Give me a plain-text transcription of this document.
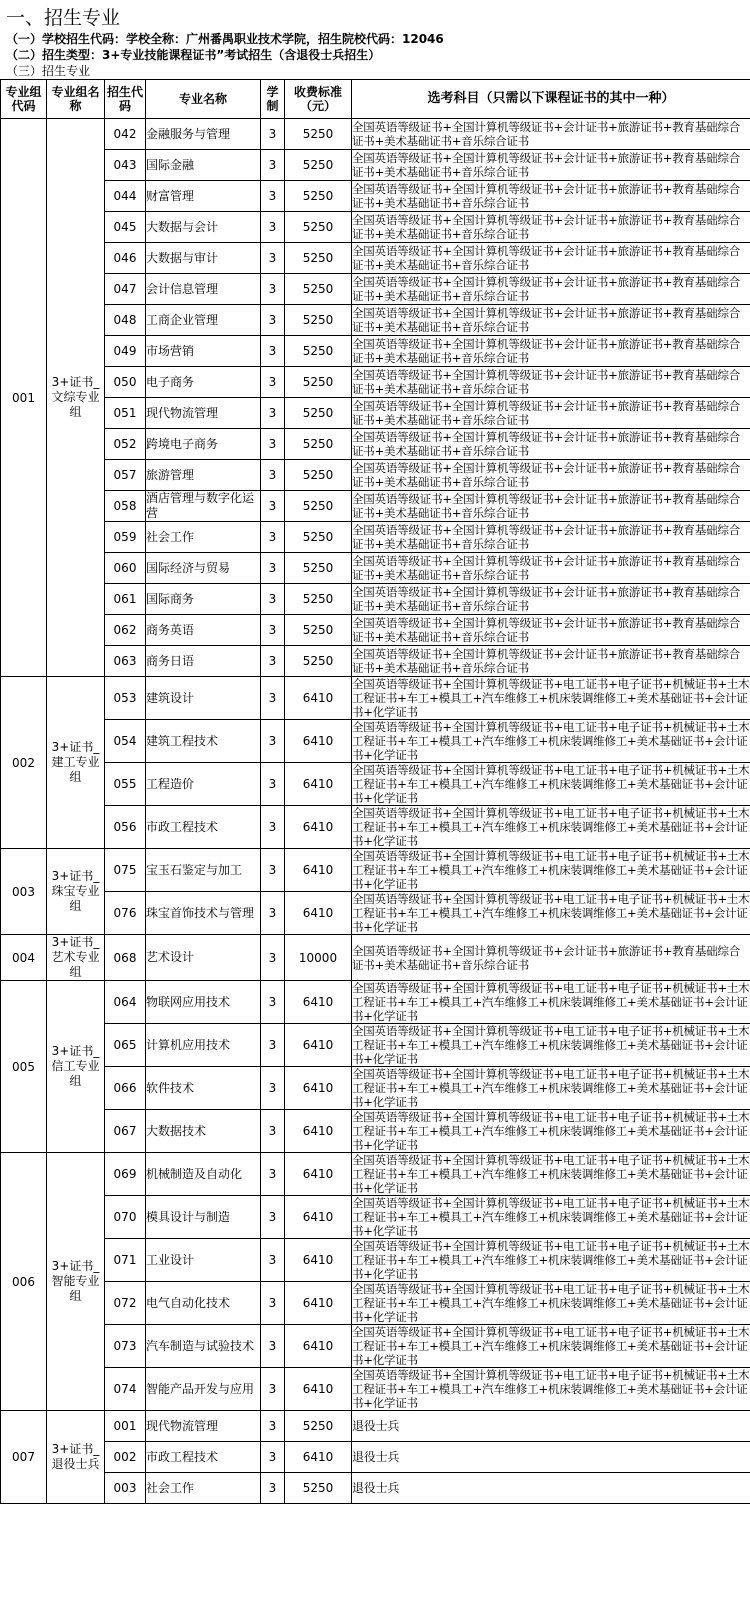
一、招生专业
（一）学校招生代码：学校全称：广州番禺职业技术学院，招生院校代码：12046
（二）招生类型：3+专业技能课程证书”考试招生（含退役士兵招生）
（三）招生专业
专业组代码	专业组名称	招生代码	专业名称	学制	收费标准（元）	选考科目（只需以下课程证书的其中一种）
001	3+证书_文综专业组	042	金融服务与管理	3	5250	全国英语等级证书+全国计算机等级证书+会计证书+旅游证书+教育基础综合证书+美术基础证书+音乐综合证书
		043	国际金融	3	5250	全国英语等级证书+全国计算机等级证书+会计证书+旅游证书+教育基础综合证书+美术基础证书+音乐综合证书
		044	财富管理	3	5250	全国英语等级证书+全国计算机等级证书+会计证书+旅游证书+教育基础综合证书+美术基础证书+音乐综合证书
		045	大数据与会计	3	5250	全国英语等级证书+全国计算机等级证书+会计证书+旅游证书+教育基础综合证书+美术基础证书+音乐综合证书
		046	大数据与审计	3	5250	全国英语等级证书+全国计算机等级证书+会计证书+旅游证书+教育基础综合证书+美术基础证书+音乐综合证书
		047	会计信息管理	3	5250	全国英语等级证书+全国计算机等级证书+会计证书+旅游证书+教育基础综合证书+美术基础证书+音乐综合证书
		048	工商企业管理	3	5250	全国英语等级证书+全国计算机等级证书+会计证书+旅游证书+教育基础综合证书+美术基础证书+音乐综合证书
		049	市场营销	3	5250	全国英语等级证书+全国计算机等级证书+会计证书+旅游证书+教育基础综合证书+美术基础证书+音乐综合证书
		050	电子商务	3	5250	全国英语等级证书+全国计算机等级证书+会计证书+旅游证书+教育基础综合证书+美术基础证书+音乐综合证书
		051	现代物流管理	3	5250	全国英语等级证书+全国计算机等级证书+会计证书+旅游证书+教育基础综合证书+美术基础证书+音乐综合证书
		052	跨境电子商务	3	5250	全国英语等级证书+全国计算机等级证书+会计证书+旅游证书+教育基础综合证书+美术基础证书+音乐综合证书
		057	旅游管理	3	5250	全国英语等级证书+全国计算机等级证书+会计证书+旅游证书+教育基础综合证书+美术基础证书+音乐综合证书
		058	酒店管理与数字化运营	3	5250	全国英语等级证书+全国计算机等级证书+会计证书+旅游证书+教育基础综合证书+美术基础证书+音乐综合证书
		059	社会工作	3	5250	全国英语等级证书+全国计算机等级证书+会计证书+旅游证书+教育基础综合证书+美术基础证书+音乐综合证书
		060	国际经济与贸易	3	5250	全国英语等级证书+全国计算机等级证书+会计证书+旅游证书+教育基础综合证书+美术基础证书+音乐综合证书
		061	国际商务	3	5250	全国英语等级证书+全国计算机等级证书+会计证书+旅游证书+教育基础综合证书+美术基础证书+音乐综合证书
		062	商务英语	3	5250	全国英语等级证书+全国计算机等级证书+会计证书+旅游证书+教育基础综合证书+美术基础证书+音乐综合证书
		063	商务日语	3	5250	全国英语等级证书+全国计算机等级证书+会计证书+旅游证书+教育基础综合证书+美术基础证书+音乐综合证书
002	3+证书_建工专业组	053	建筑设计	3	6410	全国英语等级证书+全国计算机等级证书+电工证书+电子证书+机械证书+土木工程证书+车工+模具工+汽车维修工+机床装调维修工+美术基础证书+会计证书+化学证书
		054	建筑工程技术	3	6410	全国英语等级证书+全国计算机等级证书+电工证书+电子证书+机械证书+土木工程证书+车工+模具工+汽车维修工+机床装调维修工+美术基础证书+会计证书+化学证书
		055	工程造价	3	6410	全国英语等级证书+全国计算机等级证书+电工证书+电子证书+机械证书+土木工程证书+车工+模具工+汽车维修工+机床装调维修工+美术基础证书+会计证书+化学证书
		056	市政工程技术	3	6410	全国英语等级证书+全国计算机等级证书+电工证书+电子证书+机械证书+土木工程证书+车工+模具工+汽车维修工+机床装调维修工+美术基础证书+会计证书+化学证书
003	3+证书_珠宝专业组	075	宝玉石鉴定与加工	3	6410	全国英语等级证书+全国计算机等级证书+电工证书+电子证书+机械证书+土木工程证书+车工+模具工+汽车维修工+机床装调维修工+美术基础证书+会计证书+化学证书
		076	珠宝首饰技术与管理	3	6410	全国英语等级证书+全国计算机等级证书+电工证书+电子证书+机械证书+土木工程证书+车工+模具工+汽车维修工+机床装调维修工+美术基础证书+会计证书+化学证书
004	3+证书_艺术专业组	068	艺术设计	3	10000	全国英语等级证书+全国计算机等级证书+会计证书+旅游证书+教育基础综合证书+美术基础证书+音乐综合证书
005	3+证书_信工专业组	064	物联网应用技术	3	6410	全国英语等级证书+全国计算机等级证书+电工证书+电子证书+机械证书+土木工程证书+车工+模具工+汽车维修工+机床装调维修工+美术基础证书+会计证书+化学证书
		065	计算机应用技术	3	6410	全国英语等级证书+全国计算机等级证书+电工证书+电子证书+机械证书+土木工程证书+车工+模具工+汽车维修工+机床装调维修工+美术基础证书+会计证书+化学证书
		066	软件技术	3	6410	全国英语等级证书+全国计算机等级证书+电工证书+电子证书+机械证书+土木工程证书+车工+模具工+汽车维修工+机床装调维修工+美术基础证书+会计证书+化学证书
		067	大数据技术	3	6410	全国英语等级证书+全国计算机等级证书+电工证书+电子证书+机械证书+土木工程证书+车工+模具工+汽车维修工+机床装调维修工+美术基础证书+会计证书+化学证书
006	3+证书_智能专业组	069	机械制造及自动化	3	6410	全国英语等级证书+全国计算机等级证书+电工证书+电子证书+机械证书+土木工程证书+车工+模具工+汽车维修工+机床装调维修工+美术基础证书+会计证书+化学证书
		070	模具设计与制造	3	6410	全国英语等级证书+全国计算机等级证书+电工证书+电子证书+机械证书+土木工程证书+车工+模具工+汽车维修工+机床装调维修工+美术基础证书+会计证书+化学证书
		071	工业设计	3	6410	全国英语等级证书+全国计算机等级证书+电工证书+电子证书+机械证书+土木工程证书+车工+模具工+汽车维修工+机床装调维修工+美术基础证书+会计证书+化学证书
		072	电气自动化技术	3	6410	全国英语等级证书+全国计算机等级证书+电工证书+电子证书+机械证书+土木工程证书+车工+模具工+汽车维修工+机床装调维修工+美术基础证书+会计证书+化学证书
		073	汽车制造与试验技术	3	6410	全国英语等级证书+全国计算机等级证书+电工证书+电子证书+机械证书+土木工程证书+车工+模具工+汽车维修工+机床装调维修工+美术基础证书+会计证书+化学证书
		074	智能产品开发与应用	3	6410	全国英语等级证书+全国计算机等级证书+电工证书+电子证书+机械证书+土木工程证书+车工+模具工+汽车维修工+机床装调维修工+美术基础证书+会计证书+化学证书
007	3+证书_退役士兵	001	现代物流管理	3	5250	退役士兵
		002	市政工程技术	3	6410	退役士兵
		003	社会工作	3	5250	退役士兵
